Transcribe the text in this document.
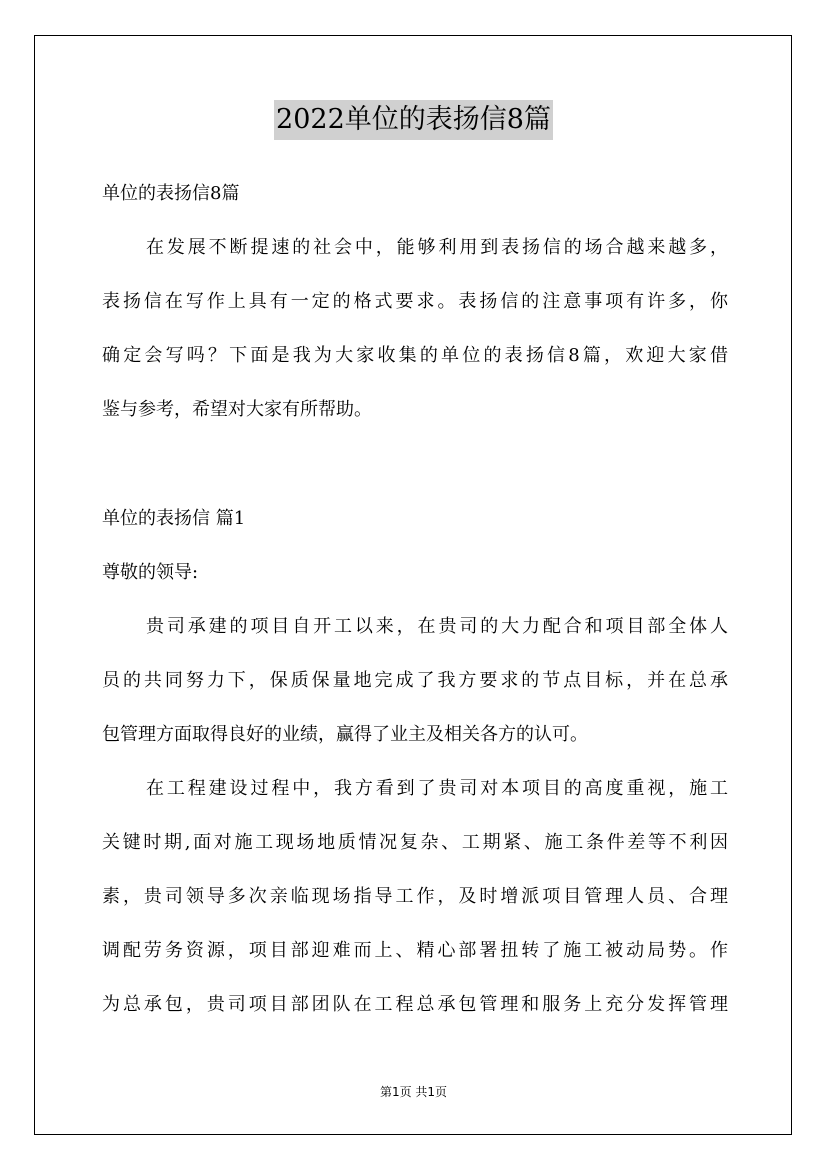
2022单位的表扬信8篇
单位的表扬信8篇
在发展不断提速的社会中，能够利用到表扬信的场合越来越多，
表扬信在写作上具有一定的格式要求。表扬信的注意事项有许多，你
确定会写吗？下面是我为大家收集的单位的表扬信8篇，欢迎大家借
鉴与参考，希望对大家有所帮助。
单位的表扬信 篇1
尊敬的领导:
贵司承建的项目自开工以来，在贵司的大力配合和项目部全体人
员的共同努力下，保质保量地完成了我方要求的节点目标，并在总承
包管理方面取得良好的业绩，赢得了业主及相关各方的认可。
在工程建设过程中，我方看到了贵司对本项目的高度重视，施工
关键时期,面对施工现场地质情况复杂、工期紧、施工条件差等不利因
素，贵司领导多次亲临现场指导工作，及时增派项目管理人员、合理
调配劳务资源，项目部迎难而上、精心部署扭转了施工被动局势。作
为总承包，贵司项目部团队在工程总承包管理和服务上充分发挥管理
第1页 共1页
